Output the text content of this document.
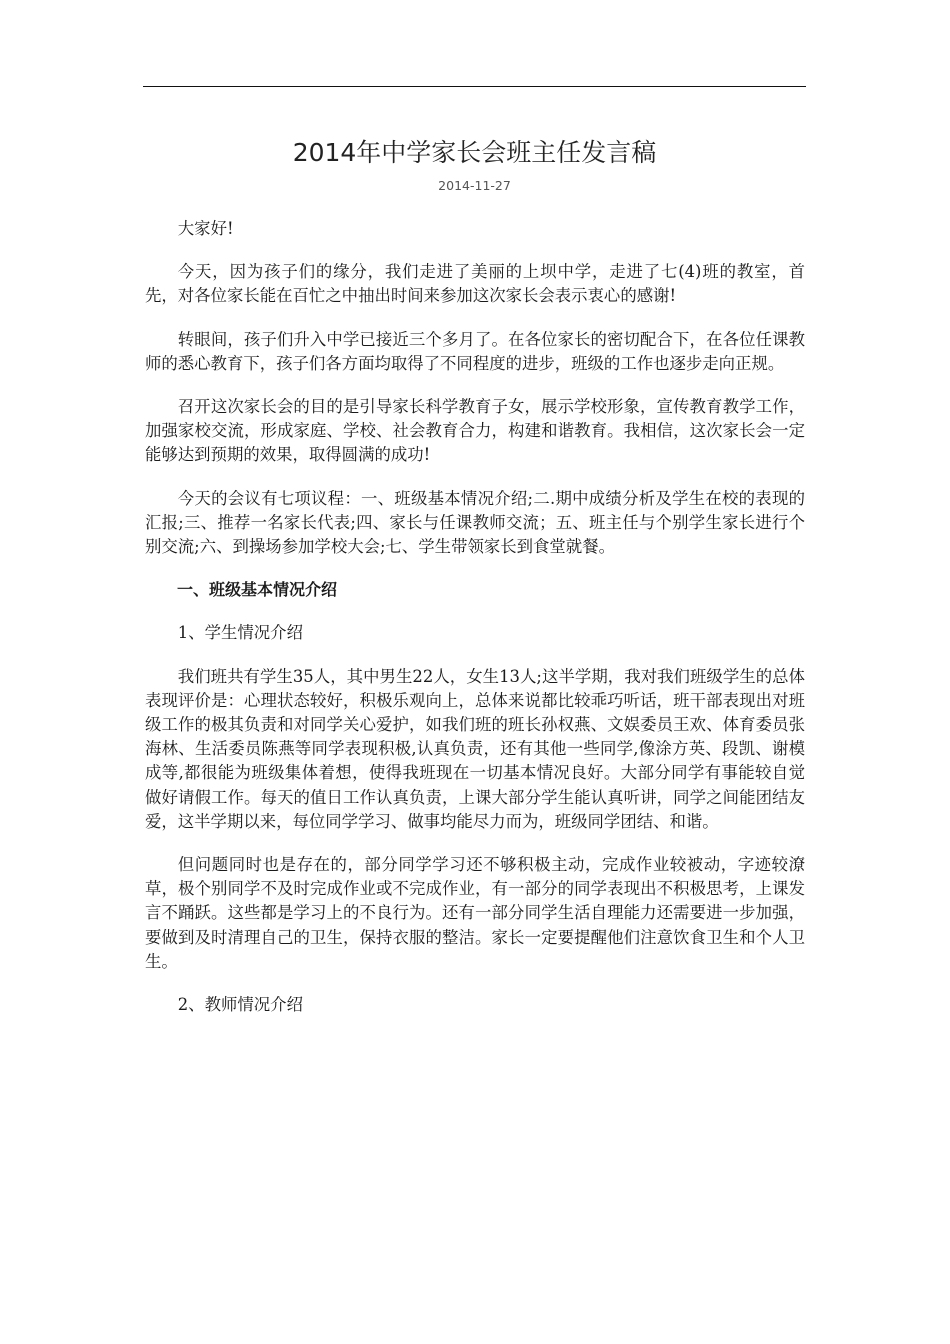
2014年中学家长会班主任发言稿
2014-11-27

大家好!

今天，因为孩子们的缘分，我们走进了美丽的上坝中学，走进了七(4)班的教室，首先，对各位家长能在百忙之中抽出时间来参加这次家长会表示衷心的感谢!

转眼间，孩子们升入中学已接近三个多月了。在各位家长的密切配合下，在各位任课教师的悉心教育下，孩子们各方面均取得了不同程度的进步，班级的工作也逐步走向正规。

召开这次家长会的目的是引导家长科学教育子女，展示学校形象，宣传教育教学工作，加强家校交流，形成家庭、学校、社会教育合力，构建和谐教育。我相信，这次家长会一定能够达到预期的效果，取得圆满的成功!

今天的会议有七项议程：一、班级基本情况介绍;二.期中成绩分析及学生在校的表现的汇报;三、推荐一名家长代表;四、家长与任课教师交流；五、班主任与个别学生家长进行个别交流;六、到操场参加学校大会;七、学生带领家长到食堂就餐。

一、班级基本情况介绍

1、学生情况介绍

我们班共有学生35人，其中男生22人，女生13人;这半学期，我对我们班级学生的总体表现评价是：心理状态较好，积极乐观向上，总体来说都比较乖巧听话，班干部表现出对班级工作的极其负责和对同学关心爱护，如我们班的班长孙权燕、文娱委员王欢、体育委员张海林、生活委员陈燕等同学表现积极,认真负责，还有其他一些同学,像涂方英、段凯、谢模成等,都很能为班级集体着想，使得我班现在一切基本情况良好。大部分同学有事能较自觉做好请假工作。每天的值日工作认真负责，上课大部分学生能认真听讲，同学之间能团结友爱，这半学期以来，每位同学学习、做事均能尽力而为，班级同学团结、和谐。

但问题同时也是存在的，部分同学学习还不够积极主动，完成作业较被动，字迹较潦草，极个别同学不及时完成作业或不完成作业，有一部分的同学表现出不积极思考，上课发言不踊跃。这些都是学习上的不良行为。还有一部分同学生活自理能力还需要进一步加强，要做到及时清理自己的卫生，保持衣服的整洁。家长一定要提醒他们注意饮食卫生和个人卫生。

2、教师情况介绍
